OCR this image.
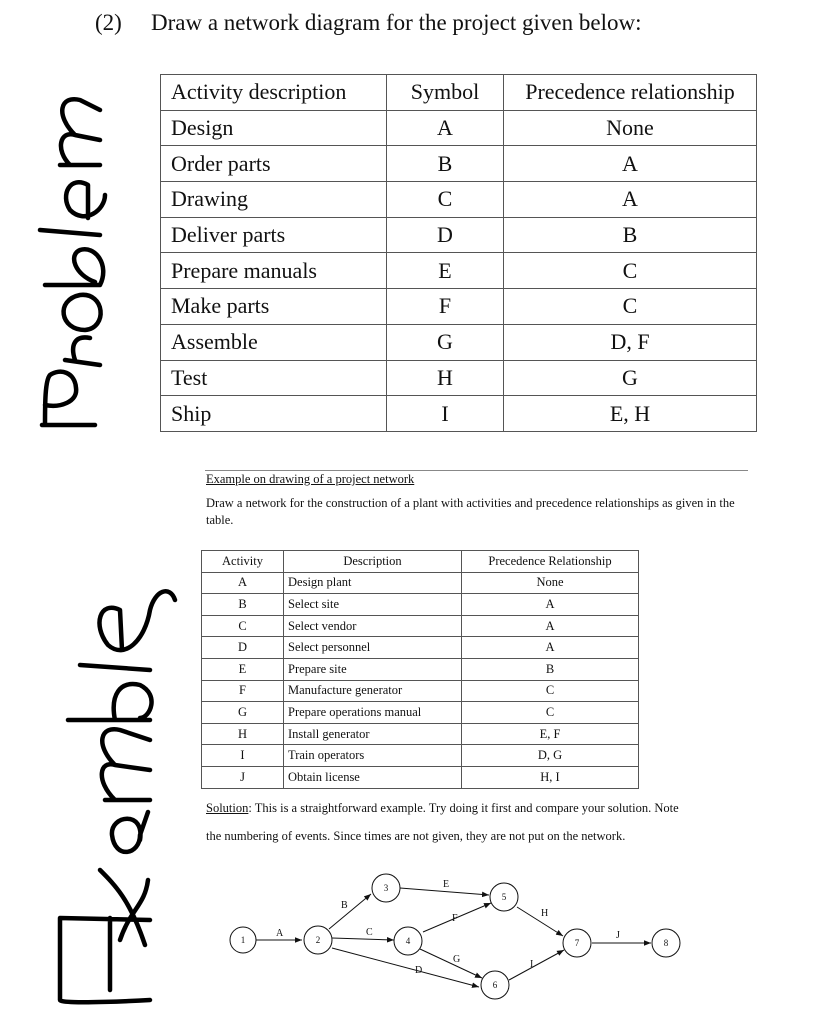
(2) Draw a network diagram for the project given below:
Activity description	Symbol	Precedence relationship
Design	A	None
Order parts	B	A
Drawing	C	A
Deliver parts	D	B
Prepare manuals	E	C
Make parts	F	C
Assemble	G	D, F
Test	H	G
Ship	I	E, H
Example on drawing of a project network
Draw a network for the construction of a plant with activities and precedence relationships as given in the table.
Activity	Description	Precedence Relationship
A	Design plant	None
B	Select site	A
C	Select vendor	A
D	Select personnel	A
E	Prepare site	B
F	Manufacture generator	C
G	Prepare operations manual	C
H	Install generator	E, F
I	Train operators	D, G
J	Obtain license	H, I
Solution: This is a straightforward example. Try doing it first and compare your solution. Note
the numbering of events. Since times are not given, they are not put on the network.
A
B
C
D
E
F
G
H
I
J
1	2
3
4
5
6
7	8
